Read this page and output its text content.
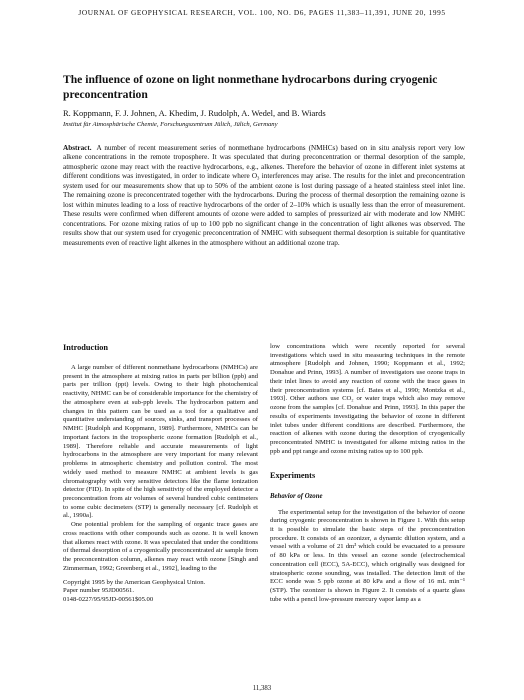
JOURNAL OF GEOPHYSICAL RESEARCH, VOL. 100, NO. D6, PAGES 11,383–11,391, JUNE 20, 1995
The influence of ozone on light nonmethane hydrocarbons during cryogenic preconcentration
R. Koppmann, F. J. Johnen, A. Khedim, J. Rudolph, A. Wedel, and B. Wiards
Institut für Atmosphärische Chemie, Forschungszentrum Jülich, Jülich, Germany
Abstract. A number of recent measurement series of nonmethane hydrocarbons (NMHCs) based on in situ analysis report very low alkene concentrations in the remote troposphere. It was speculated that during preconcentration or thermal desorption of the sample, atmospheric ozone may react with the reactive hydrocarbons, e.g., alkenes. Therefore the behavior of ozone in different inlet systems at different conditions was investigated, in order to indicate where O₃ interferences may arise. The results for the inlet and preconcentration system used for our measurements show that up to 50% of the ambient ozone is lost during passage of a heated stainless steel inlet line. The remaining ozone is preconcentrated together with the hydrocarbons. During the process of thermal desorption the remaining ozone is lost within minutes leading to a loss of reactive hydrocarbons of the order of 2–10% which is usually less than the error of measurement. These results were confirmed when different amounts of ozone were added to samples of pressurized air with moderate and low NMHC concentrations. For ozone mixing ratios of up to 100 ppb no significant change in the concentration of light alkenes was observed. The results show that our system used for cryogenic preconcentration of NMHC with subsequent thermal desorption is suitable for quantitative measurements even of reactive light alkenes in the atmosphere without an additional ozone trap.
Introduction

A large number of different nonmethane hydrocarbons (NMHCs) are present in the atmosphere at mixing ratios in parts per billion (ppb) and parts per trillion (ppt) levels. Owing to their high photochemical reactivity, NHMC can be of considerable importance for the chemistry of the atmosphere even at sub-ppb levels. The hydrocarbon pattern and changes in this pattern can be used as a tool for a qualitative and quantitative understanding of sources, sinks, and transport processes of NMHC [Rudolph and Koppmann, 1989]. Furthermore, NMHCs can be important factors in the tropospheric ozone formation [Rudolph et al., 1989]. Therefore reliable and accurate measurements of light hydrocarbons in the atmosphere are very important for many relevant problems in atmospheric chemistry and pollution control. The most widely used method to measure NMHC at ambient levels is gas chromatography with very sensitive detectors like the flame ionization detector (FID). In spite of the high sensitivity of the employed detector a preconcentration from air volumes of several hundred cubic centimeters to some cubic decimeters (STP) is generally necessary [cf. Rudolph et al., 1990a].

One potential problem for the sampling of organic trace gases are cross reactions with other compounds such as ozone. It is well known that alkenes react with ozone. It was speculated that under the conditions of thermal desorption of a cryogenically preconcentrated air sample from the preconcentration column, alkenes may react with ozone [Singh and Zimmerman, 1992; Greenberg et al., 1992], leading to the

Copyright 1995 by the American Geophysical Union.

Paper number 95JD00561.

0148-0227/95/95JD-00561$05.00

low concentrations which were recently reported for several investigations which used in situ measuring techniques in the remote atmosphere [Rudolph and Johnen, 1990; Koppmann et al., 1992; Donahue and Prinn, 1993]. A number of investigators use ozone traps in their inlet lines to avoid any reaction of ozone with the trace gases in their preconcentration systems [cf. Bates et al., 1990; Montzka et al., 1993]. Other authors use CO₂ or water traps which also may remove ozone from the samples [cf. Donahue and Prinn, 1993]. In this paper the results of experiments investigating the behavior of ozone in different inlet tubes under different conditions are described. Furthermore, the reaction of alkenes with ozone during the desorption of cryogenically preconcentrated NMHC is investigated for alkene mixing ratios in the ppb and ppt range and ozone mixing ratios up to 100 ppb.

Experiments
Behavior of Ozone

The experimental setup for the investigation of the behavior of ozone during cryogenic preconcentration is shown in Figure 1. With this setup it is possible to simulate the basic steps of the preconcentration procedure. It consists of an ozonizer, a dynamic dilution system, and a vessel with a volume of 21 dm³ which could be evacuated to a pressure of 80 kPa or less. In this vessel an ozone sonde (electrochemical concentration cell (ECC), 5A-ECC), which originally was designed for stratospheric ozone sounding, was installed. The detection limit of the ECC sonde was 5 ppb ozone at 80 kPa and a flow of 16 mL min⁻¹ (STP). The ozonizer is shown in Figure 2. It consists of a quartz glass tube with a pencil low-pressure mercury vapor lamp as a

11,383
